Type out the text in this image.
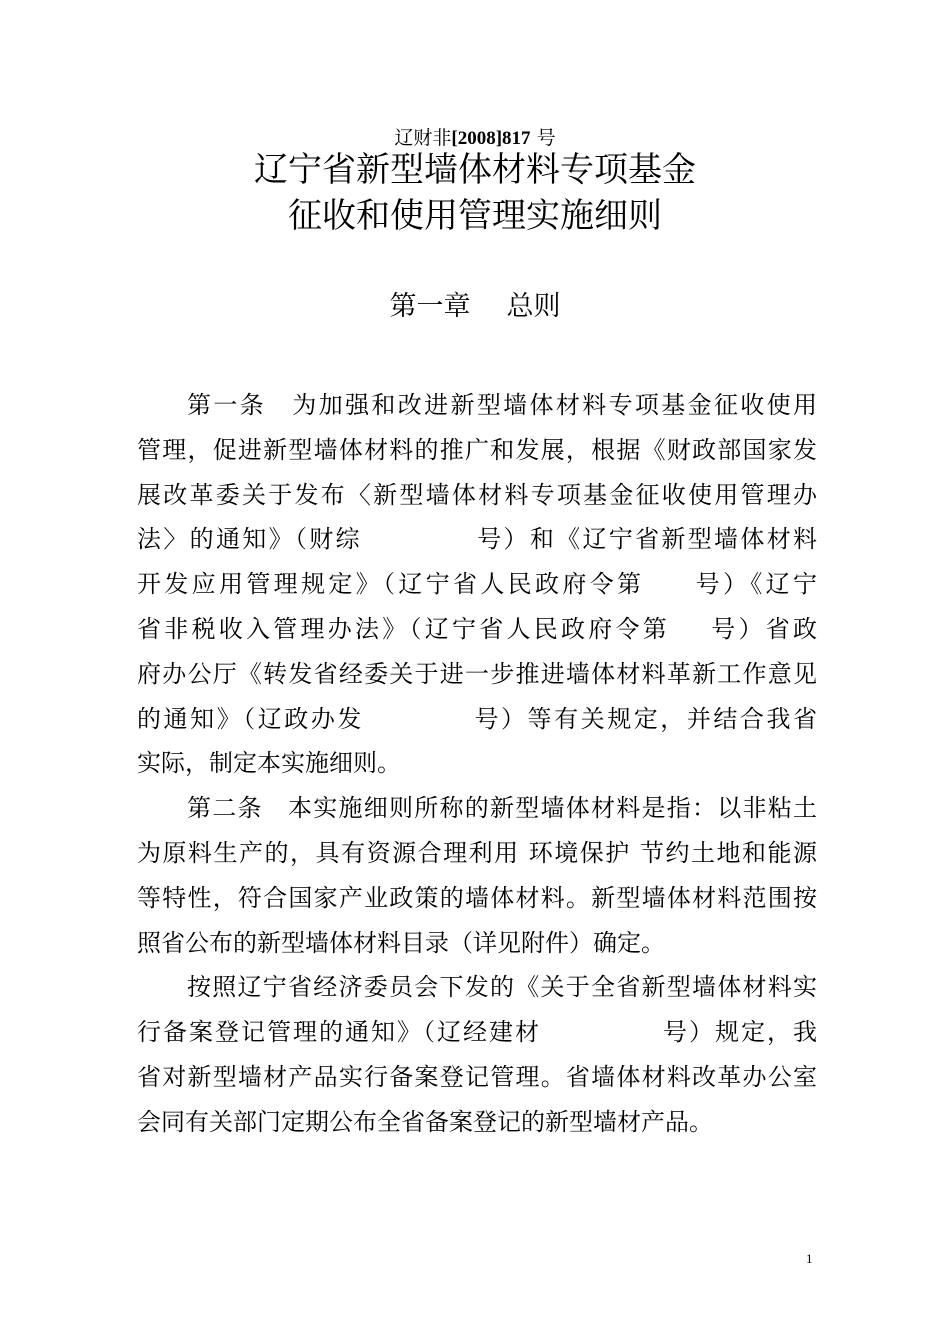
辽财非[2008]817 号
辽宁省新型墙体材料专项基金
征收和使用管理实施细则
第一章 总则
第一条　为加强和改进新型墙体材料专项基金征收使用
管理，促进新型墙体材料的推广和发展，根据《财政部国家发
展改革委关于发布〈新型墙体材料专项基金征收使用管理办
法〉的通知》（财综	号）和《辽宁省新型墙体材料
开发应用管理规定》（辽宁省人民政府令第 号）《辽宁
省非税收入管理办法》（辽宁省人民政府令第 号）省政
府办公厅《转发省经委关于进一步推进墙体材料革新工作意见
的通知》（辽政办发	号）等有关规定，并结合我省
实际，制定本实施细则。
第二条　本实施细则所称的新型墙体材料是指：以非粘土
为原料生产的，具有资源合理利用 环境保护 节约土地和能源
等特性，符合国家产业政策的墙体材料。新型墙体材料范围按
照省公布的新型墙体材料目录（详见附件）确定。
按照辽宁省经济委员会下发的《关于全省新型墙体材料实
行备案登记管理的通知》（辽经建材	号）规定，我
省对新型墙材产品实行备案登记管理。省墙体材料改革办公室
会同有关部门定期公布全省备案登记的新型墙材产品。
1
